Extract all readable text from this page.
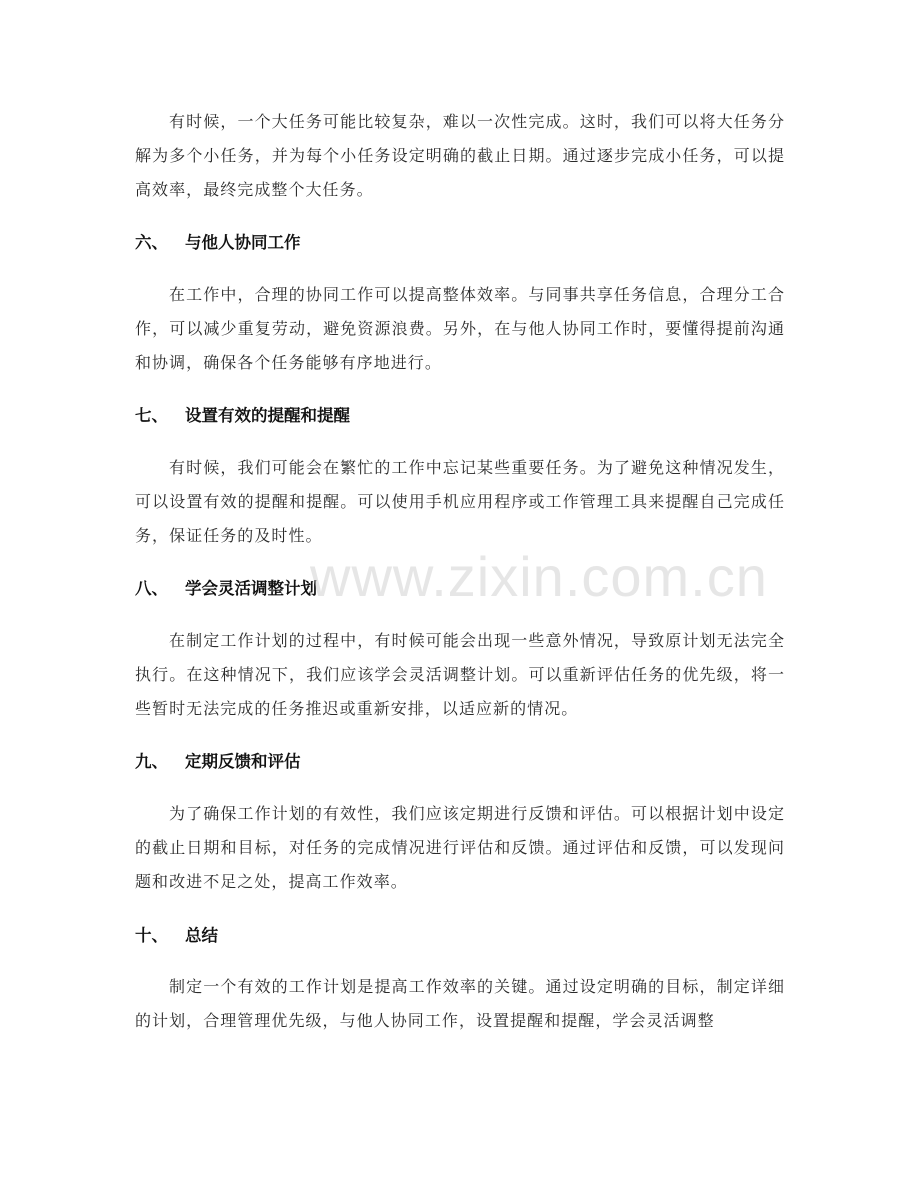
有时候，一个大任务可能比较复杂，难以一次性完成。这时，我们可以将大任务分解为多个小任务，并为每个小任务设定明确的截止日期。通过逐步完成小任务，可以提高效率，最终完成整个大任务。

六、 与他人协同工作

在工作中，合理的协同工作可以提高整体效率。与同事共享任务信息，合理分工合作，可以减少重复劳动，避免资源浪费。另外，在与他人协同工作时，要懂得提前沟通和协调，确保各个任务能够有序地进行。

七、 设置有效的提醒和提醒

有时候，我们可能会在繁忙的工作中忘记某些重要任务。为了避免这种情况发生，可以设置有效的提醒和提醒。可以使用手机应用程序或工作管理工具来提醒自己完成任务，保证任务的及时性。

八、 学会灵活调整计划

在制定工作计划的过程中，有时候可能会出现一些意外情况，导致原计划无法完全执行。在这种情况下，我们应该学会灵活调整计划。可以重新评估任务的优先级，将一些暂时无法完成的任务推迟或重新安排，以适应新的情况。

九、 定期反馈和评估

为了确保工作计划的有效性，我们应该定期进行反馈和评估。可以根据计划中设定的截止日期和目标，对任务的完成情况进行评估和反馈。通过评估和反馈，可以发现问题和改进不足之处，提高工作效率。

十、 总结

制定一个有效的工作计划是提高工作效率的关键。通过设定明确的目标，制定详细的计划，合理管理优先级，与他人协同工作，设置提醒和提醒，学会灵活调整

www.zixin.com.cn
